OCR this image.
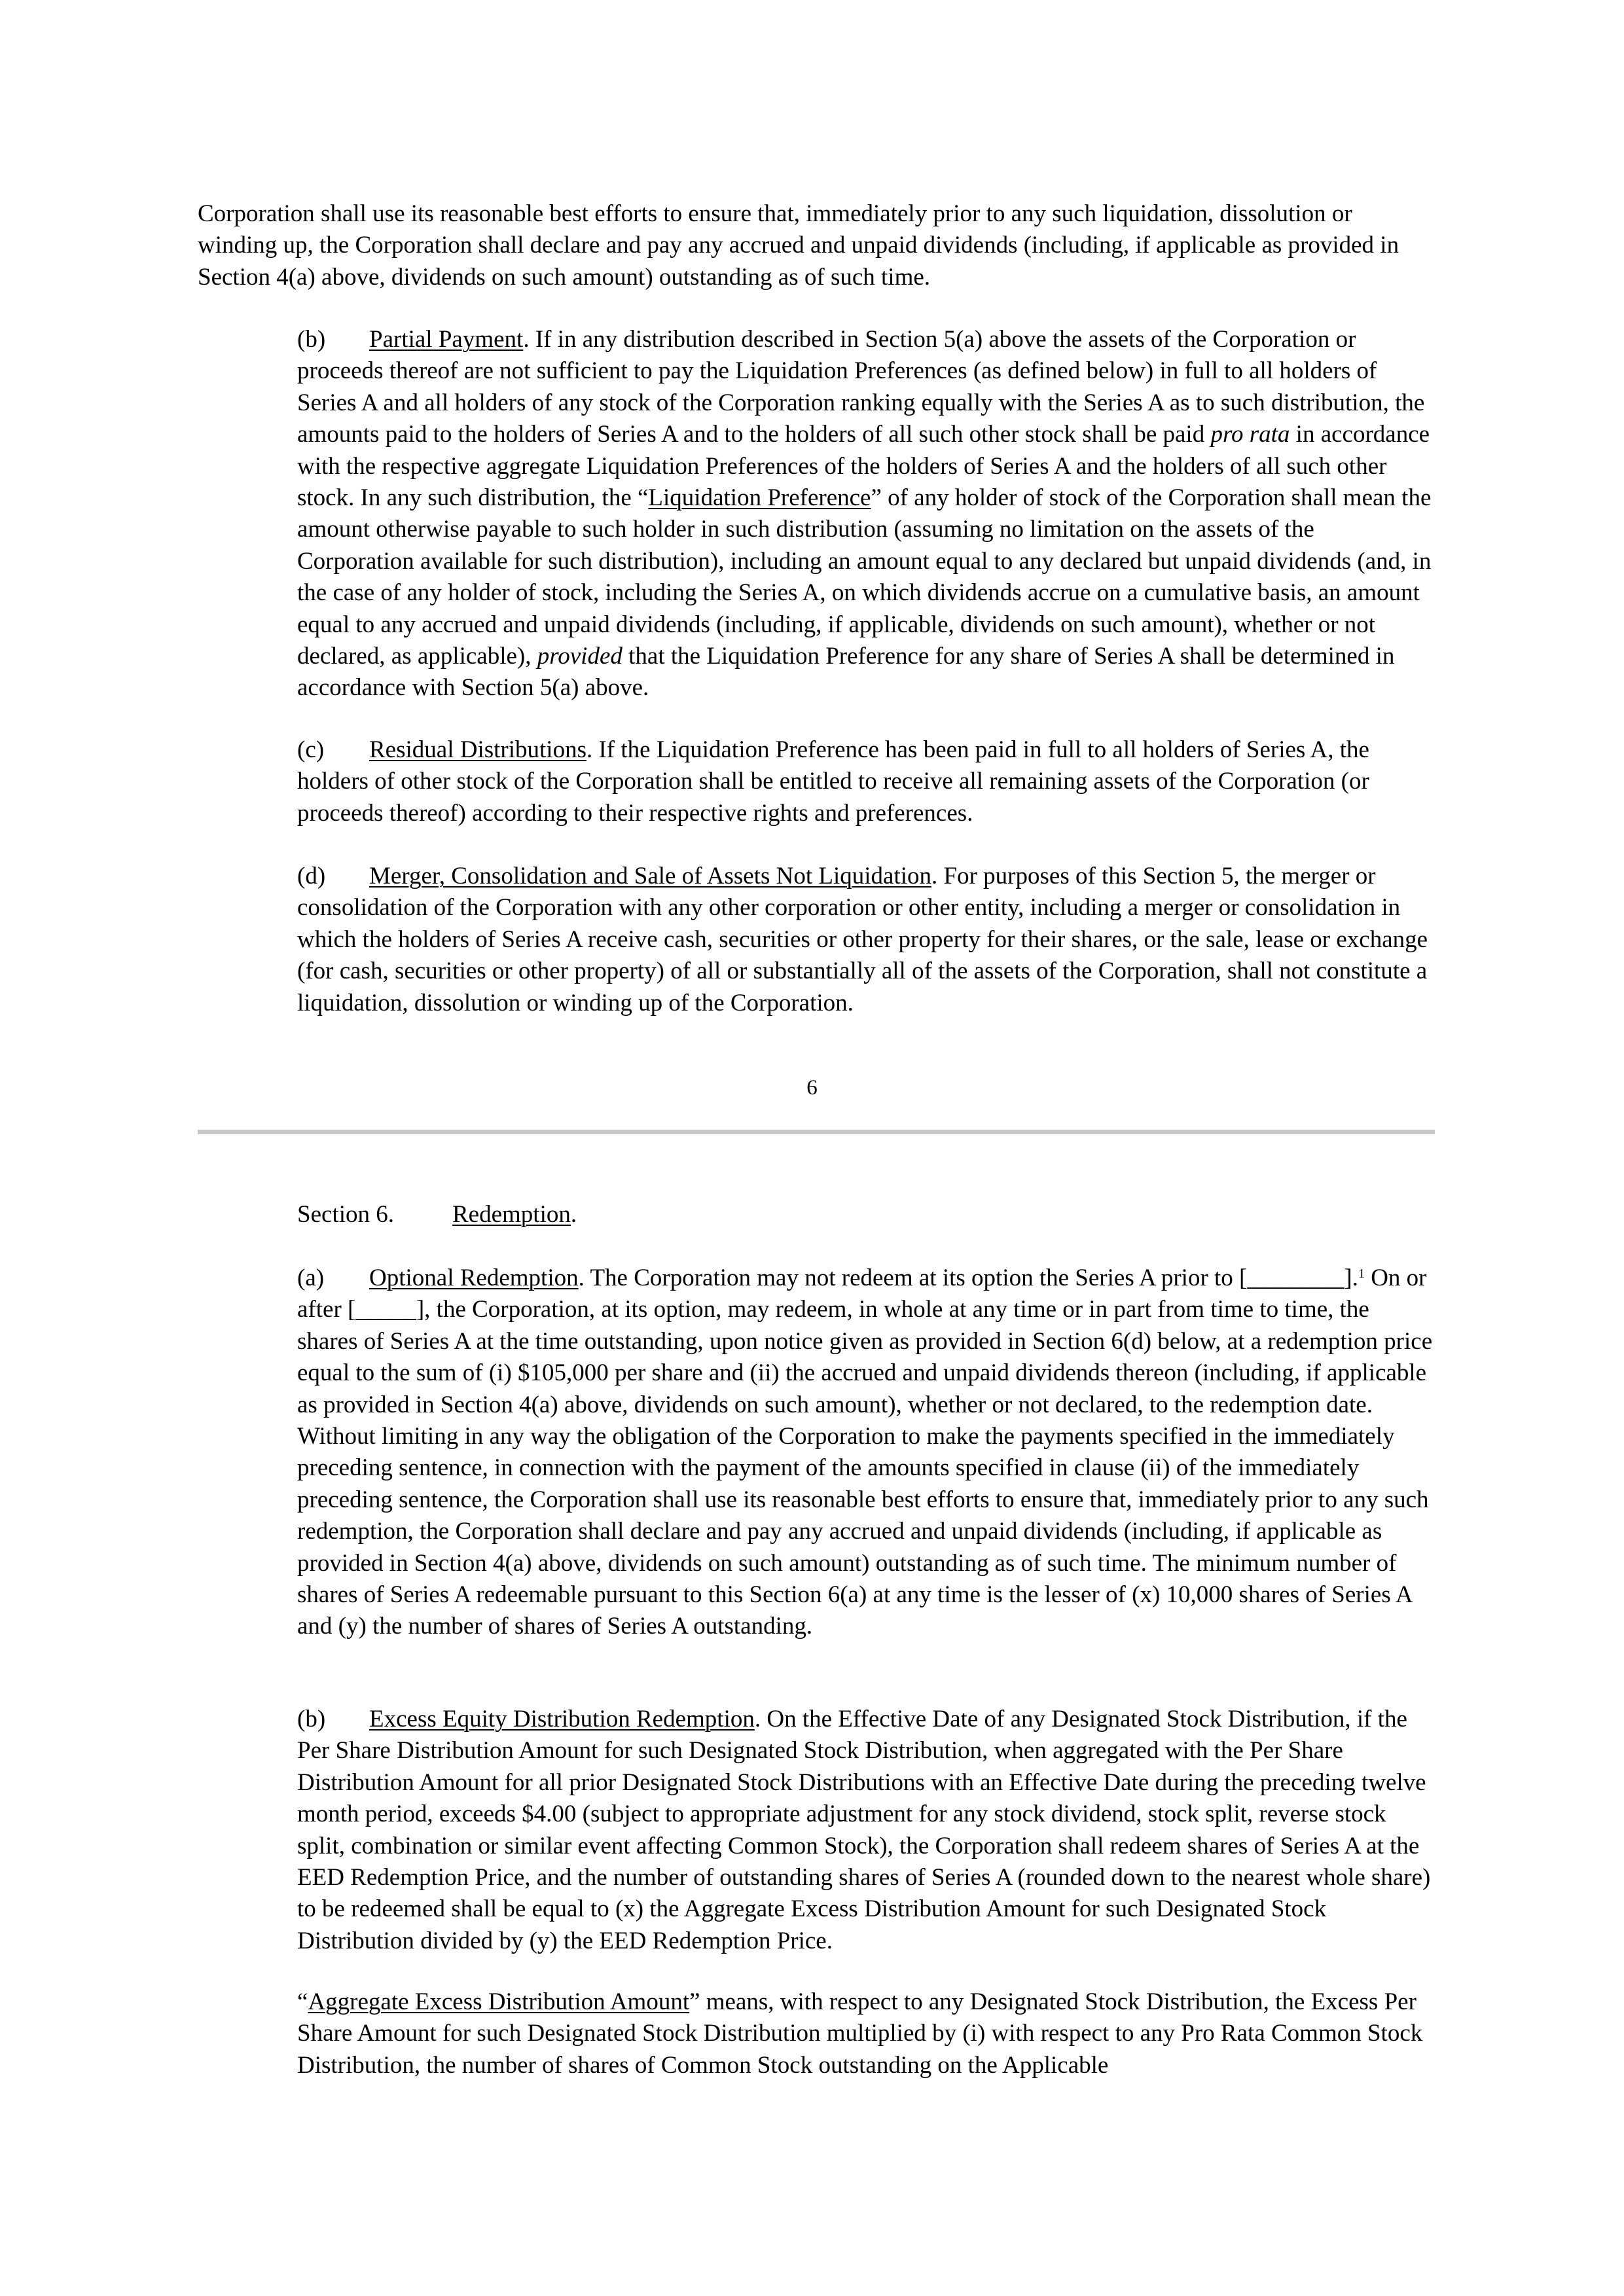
Corporation shall use its reasonable best efforts to ensure that, immediately prior to any such liquidation, dissolution or winding up, the Corporation shall declare and pay any accrued and unpaid dividends (including, if applicable as provided in Section 4(a) above, dividends on such amount) outstanding as of such time.
(b) Partial Payment. If in any distribution described in Section 5(a) above the assets of the Corporation or proceeds thereof are not sufficient to pay the Liquidation Preferences (as defined below) in full to all holders of Series A and all holders of any stock of the Corporation ranking equally with the Series A as to such distribution, the amounts paid to the holders of Series A and to the holders of all such other stock shall be paid pro rata in accordance with the respective aggregate Liquidation Preferences of the holders of Series A and the holders of all such other stock. In any such distribution, the “Liquidation Preference” of any holder of stock of the Corporation shall mean the amount otherwise payable to such holder in such distribution (assuming no limitation on the assets of the Corporation available for such distribution), including an amount equal to any declared but unpaid dividends (and, in the case of any holder of stock, including the Series A, on which dividends accrue on a cumulative basis, an amount equal to any accrued and unpaid dividends (including, if applicable, dividends on such amount), whether or not declared, as applicable), provided that the Liquidation Preference for any share of Series A shall be determined in accordance with Section 5(a) above.
(c) Residual Distributions. If the Liquidation Preference has been paid in full to all holders of Series A, the holders of other stock of the Corporation shall be entitled to receive all remaining assets of the Corporation (or proceeds thereof) according to their respective rights and preferences.
(d) Merger, Consolidation and Sale of Assets Not Liquidation. For purposes of this Section 5, the merger or consolidation of the Corporation with any other corporation or other entity, including a merger or consolidation in which the holders of Series A receive cash, securities or other property for their shares, or the sale, lease or exchange (for cash, securities or other property) of all or substantially all of the assets of the Corporation, shall not constitute a liquidation, dissolution or winding up of the Corporation.
6
Section 6. Redemption.
(a) Optional Redemption. The Corporation may not redeem at its option the Series A prior to [________].$^1$ On or after [_____], the Corporation, at its option, may redeem, in whole at any time or in part from time to time, the shares of Series A at the time outstanding, upon notice given as provided in Section 6(d) below, at a redemption price equal to the sum of (i) $105,000 per share and (ii) the accrued and unpaid dividends thereon (including, if applicable as provided in Section 4(a) above, dividends on such amount), whether or not declared, to the redemption date. Without limiting in any way the obligation of the Corporation to make the payments specified in the immediately preceding sentence, in connection with the payment of the amounts specified in clause (ii) of the immediately preceding sentence, the Corporation shall use its reasonable best efforts to ensure that, immediately prior to any such redemption, the Corporation shall declare and pay any accrued and unpaid dividends (including, if applicable as provided in Section 4(a) above, dividends on such amount) outstanding as of such time. The minimum number of shares of Series A redeemable pursuant to this Section 6(a) at any time is the lesser of (x) 10,000 shares of Series A and (y) the number of shares of Series A outstanding.
(b) Excess Equity Distribution Redemption. On the Effective Date of any Designated Stock Distribution, if the Per Share Distribution Amount for such Designated Stock Distribution, when aggregated with the Per Share Distribution Amount for all prior Designated Stock Distributions with an Effective Date during the preceding twelve month period, exceeds $4.00 (subject to appropriate adjustment for any stock dividend, stock split, reverse stock split, combination or similar event affecting Common Stock), the Corporation shall redeem shares of Series A at the EED Redemption Price, and the number of outstanding shares of Series A (rounded down to the nearest whole share) to be redeemed shall be equal to (x) the Aggregate Excess Distribution Amount for such Designated Stock Distribution divided by (y) the EED Redemption Price.
“Aggregate Excess Distribution Amount” means, with respect to any Designated Stock Distribution, the Excess Per Share Amount for such Designated Stock Distribution multiplied by (i) with respect to any Pro Rata Common Stock Distribution, the number of shares of Common Stock outstanding on the Applicable
